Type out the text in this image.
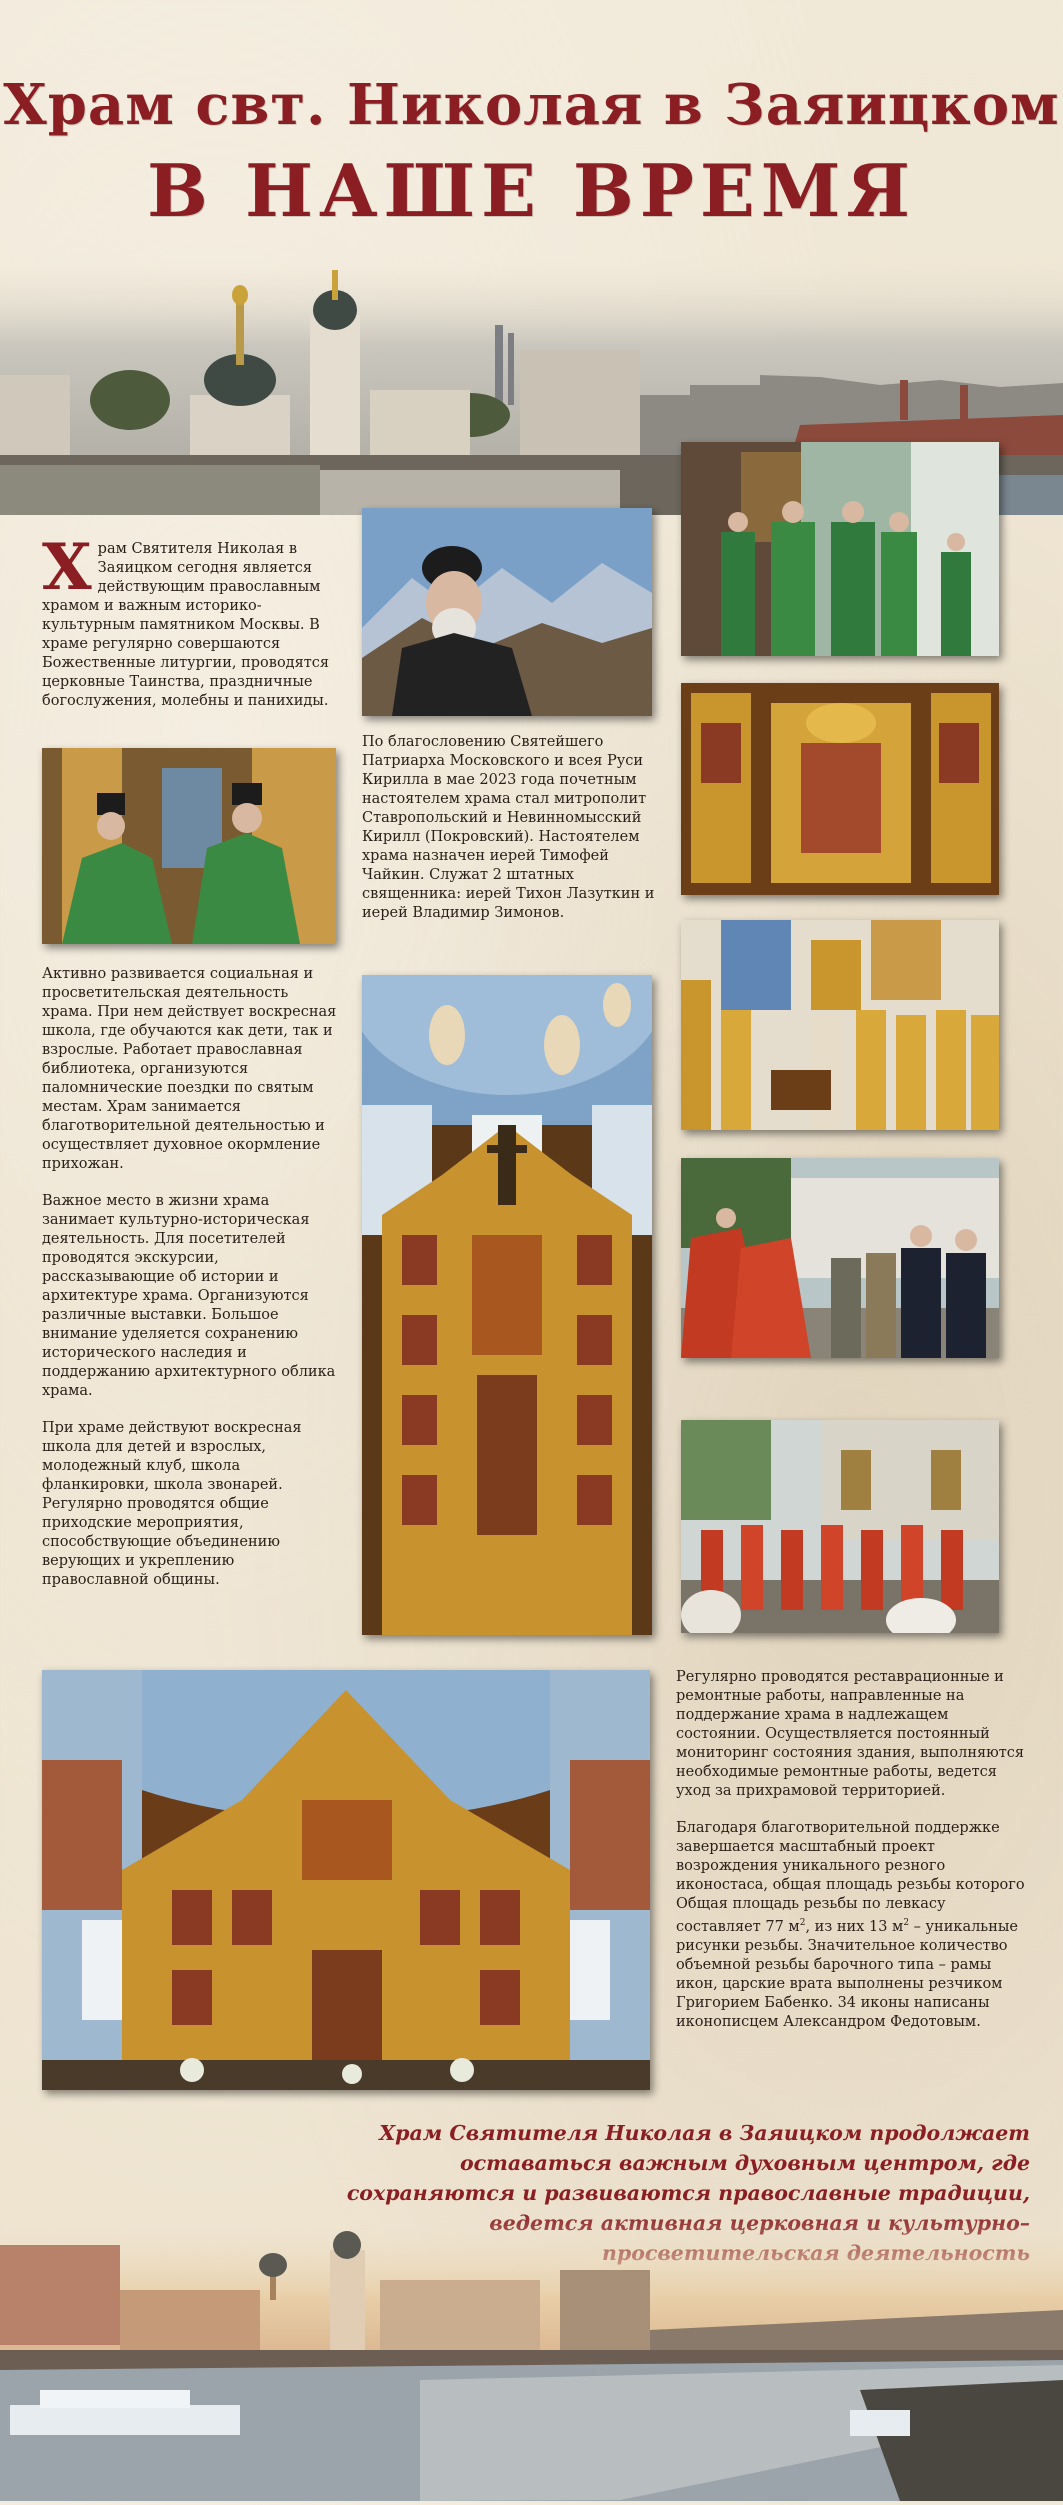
Храм свт. Николая в Заяицком
В НАШЕ ВРЕМЯ

Храм Святителя Николая в Заяицком сегодня является действующим православным храмом и важным историко-культурным памятником Москвы. В храме регулярно совершаются Божественные литургии, проводятся церковные Таинства, праздничные богослужения, молебны и панихиды.

По благословению Святейшего Патриарха Московского и всея Руси Кирилла в мае 2023 года почетным настоятелем храма стал митрополит Ставропольский и Невинномысский Кирилл (Покровский). Настоятелем храма назначен иерей Тимофей Чайкин. Служат 2 штатных священника: иерей Тихон Лазуткин и иерей Владимир Зимонов.

Активно развивается социальная и просветительская деятельность храма. При нем действует воскресная школа, где обучаются как дети, так и взрослые. Работает православная библиотека, организуются паломнические поездки по святым местам. Храм занимается благотворительной деятельностью и осуществляет духовное окормление прихожан.

Важное место в жизни храма занимает культурно-историческая деятельность. Для посетителей проводятся экскурсии, рассказывающие об истории и архитектуре храма. Организуются различные выставки. Большое внимание уделяется сохранению исторического наследия и поддержанию архитектурного облика храма.

При храме действуют воскресная школа для детей и взрослых, молодежный клуб, школа фланкировки, школа звонарей. Регулярно проводятся общие приходские мероприятия, способствующие объединению верующих и укреплению православной общины.

Регулярно проводятся реставрационные и ремонтные работы, направленные на поддержание храма в надлежащем состоянии. Осуществляется постоянный мониторинг состояния здания, выполняются необходимые ремонтные работы, ведется уход за прихрамовой территорией.

Благодаря благотворительной поддержке завершается масштабный проект возрождения уникального резного иконостаса, общая площадь резьбы которого Общая площадь резьбы по левкасу составляет 77 $м^2$, из них 13 $м^2$ – уникальные рисунки резьбы. Значительное количество объемной резьбы барочного типа – рамы икон, царские врата выполнены резчиком Григорием Бабенко. 34 иконы написаны иконописцем Александром Федотовым.

Храм Святителя Николая в Заяицком продолжает оставаться важным духовным центром, где сохраняются и развиваются православные традиции,
